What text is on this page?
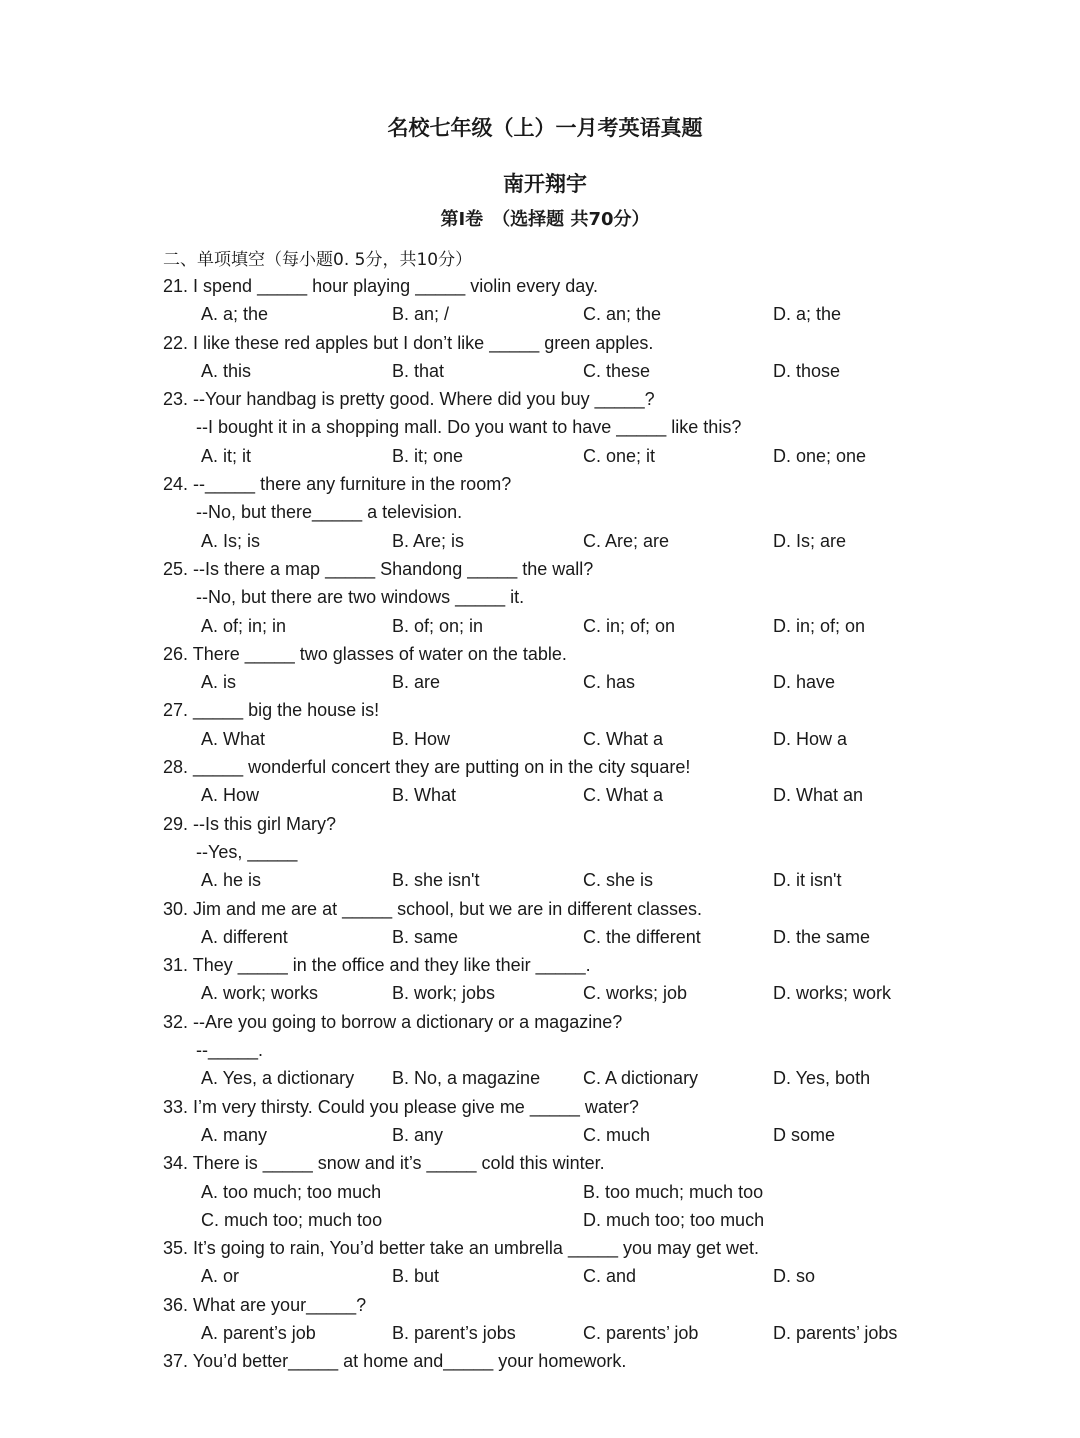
名校七年级（上）一月考英语真题
南开翔宇
第Ⅰ卷　（选择题 共70分）
二、单项填空（每小题0. 5分，共10分）
21. I spend _____ hour playing _____ violin every day.
A. a; the	B. an; /	C. an; the	D. a; the
22. I like these red apples but I don’t like _____ green apples.
A. this	B. that	C. these	D. those
23. --Your handbag is pretty good. Where did you buy _____?
--I bought it in a shopping mall. Do you want to have _____ like this?
A. it; it	B. it; one	C. one; it	D. one; one
24. --_____ there any furniture in the room?
--No, but there_____ a television.
A. Is; is	B. Are; is	C. Are; are	D. Is; are
25. --Is there a map _____ Shandong _____ the wall?
--No, but there are two windows _____ it.
A. of; in; in	B. of; on; in	C. in; of; on	D. in; of; on
26. There _____ two glasses of water on the table.
A. is	B. are	C. has	D. have
27. _____ big the house is!
A. What	B. How	C. What a	D. How a
28. _____ wonderful concert they are putting on in the city square!
A. How	B. What	C. What a	D. What an
29. --Is this girl Mary?
--Yes, _____
A. he is	B. she isn't	C. she is	D. it isn't
30. Jim and me are at _____ school, but we are in different classes.
A. different	B. same	C. the different	D. the same
31. They _____ in the office and they like their _____.
A. work; works	B. work; jobs	C. works; job	D. works; work
32. --Are you going to borrow a dictionary or a magazine?
--_____.
A. Yes, a dictionary B. No, a magazine C. A dictionary	D. Yes, both
33. I’m very thirsty. Could you please give me _____ water?
A. many	B. any	C. much	D some
34. There is _____ snow and it’s _____ cold this winter.
A. too much; too much	B. too much; much too
C. much too; much too	D. much too; too much
35. It’s going to rain, You’d better take an umbrella _____ you may get wet.
A. or	B. but	C. and	D. so
36. What are your_____?
A. parent’s job	B. parent’s jobs	C. parents’ job	D. parents’ jobs
37. You’d better_____ at home and_____ your homework.
